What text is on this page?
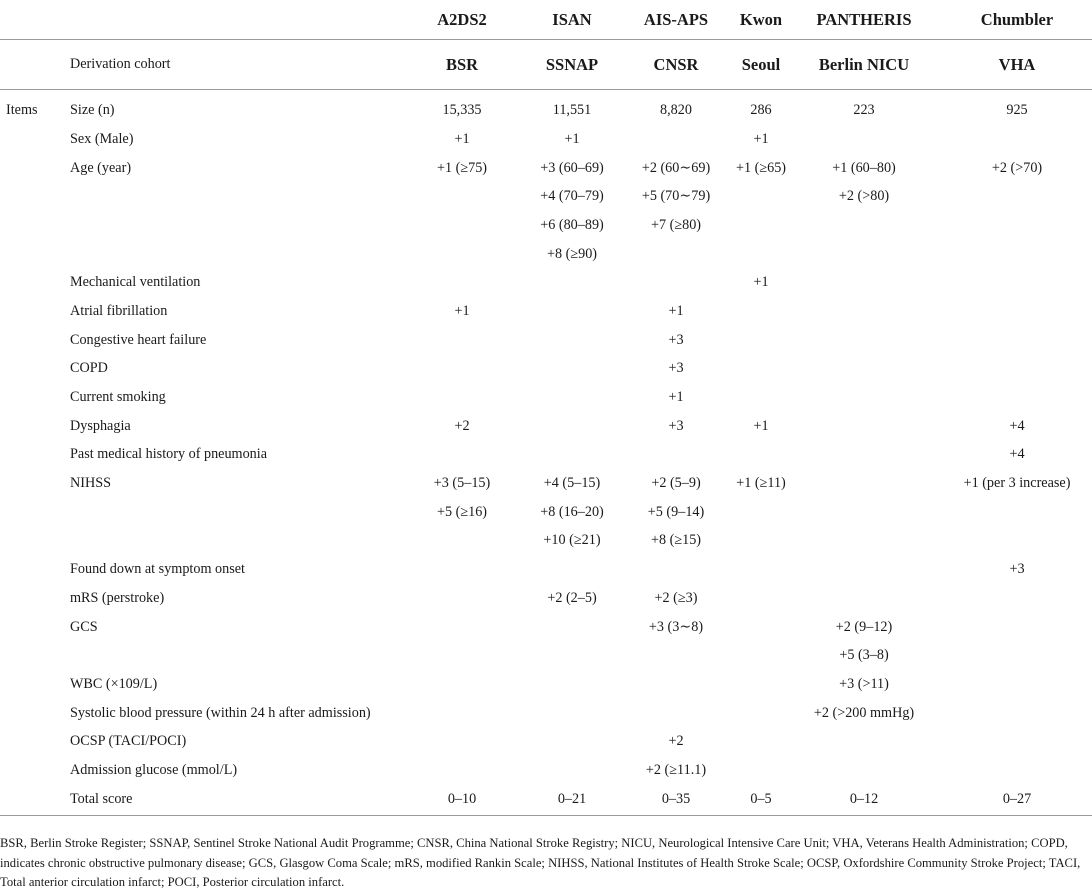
		A2DS2	ISAN	AIS-APS	Kwon	PANTHERIS	Chumbler
	Derivation cohort	BSR	SSNAP	CNSR	Seoul	Berlin NICU	VHA
Items	Size (n)	15,335	11,551	8,820	286	223	925
	Sex (Male)	+1	+1		+1		
	Age (year)	+1 (≥75)	+3 (60–69)	+2 (60∼69)	+1 (≥65)	+1 (60–80)	+2 (>70)
			+4 (70–79)	+5 (70∼79)		+2 (>80)	
			+6 (80–89)	+7 (≥80)			
			+8 (≥90)				
	Mechanical ventilation				+1		
	Atrial fibrillation	+1		+1			
	Congestive heart failure			+3			
	COPD			+3			
	Current smoking			+1			
	Dysphagia	+2		+3	+1		+4
	Past medical history of pneumonia						+4
	NIHSS	+3 (5–15)	+4 (5–15)	+2 (5–9)	+1 (≥11)		+1 (per 3 increase)
		+5 (≥16)	+8 (16–20)	+5 (9–14)			
			+10 (≥21)	+8 (≥15)			
	Found down at symptom onset						+3
	mRS (perstroke)		+2 (2–5)	+2 (≥3)			
	GCS			+3 (3∼8)		+2 (9–12)	
						+5 (3–8)	
	WBC (×109/L)					+3 (>11)	
	Systolic blood pressure (within 24 h after admission)					+2 (>200 mmHg)	
	OCSP (TACI/POCI)			+2			
	Admission glucose (mmol/L)			+2 (≥11.1)			
	Total score	0–10	0–21	0–35	0–5	0–12	0–27
BSR, Berlin Stroke Register; SSNAP, Sentinel Stroke National Audit Programme; CNSR, China National Stroke Registry; NICU, Neurological Intensive Care Unit; VHA, Veterans Health Administration; COPD, indicates chronic obstructive pulmonary disease; GCS, Glasgow Coma Scale; mRS, modified Rankin Scale; NIHSS, National Institutes of Health Stroke Scale; OCSP, Oxfordshire Community Stroke Project; TACI, Total anterior circulation infarct; POCI, Posterior circulation infarct.
